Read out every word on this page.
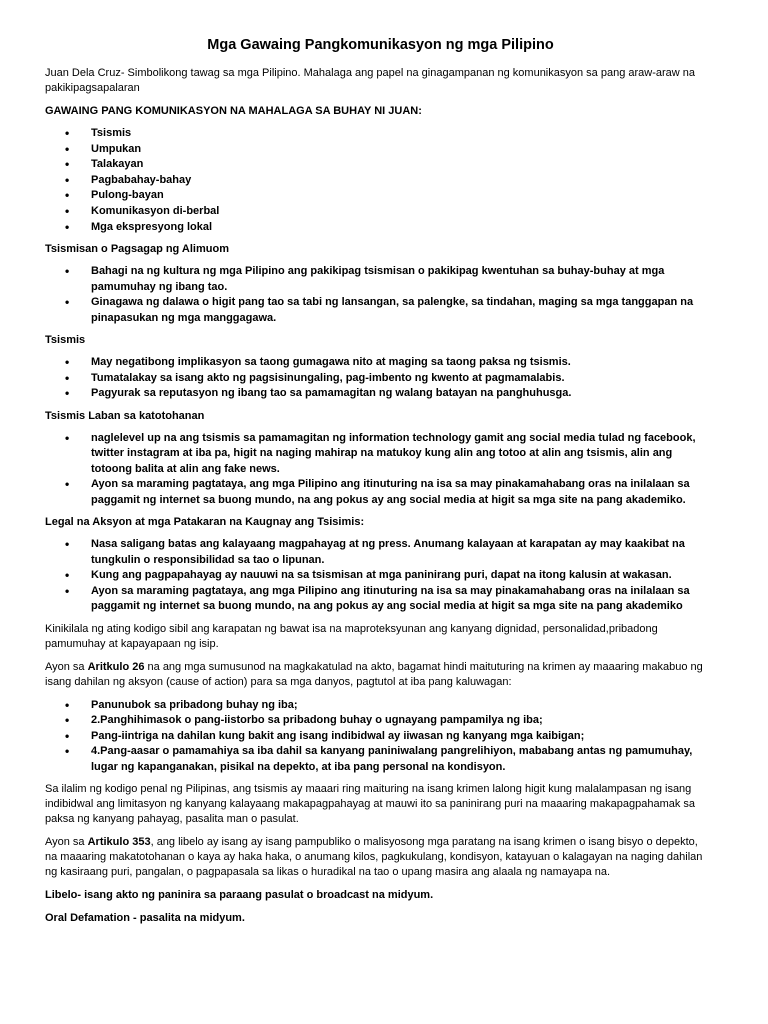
Mga Gawaing Pangkomunikasyon ng mga Pilipino

Juan Dela Cruz- Simbolikong tawag sa mga Pilipino. Mahalaga ang papel na ginagampanan ng komunikasyon sa pang araw-araw na pakikipagsapalaran

GAWAING PANG KOMUNIKASYON NA MAHALAGA SA BUHAY NI JUAN:

• Tsismis
• Umpukan
• Talakayan
• Pagbabahay-bahay
• Pulong-bayan
• Komunikasyon di-berbal
• Mga ekspresyong lokal

Tsismisan o Pagsagap ng Alimuom

• Bahagi na ng kultura ng mga Pilipino ang pakikipag tsismisan o pakikipag kwentuhan sa buhay-buhay at mga pamumuhay ng ibang tao.
• Ginagawa ng dalawa o higit pang tao sa tabi ng lansangan, sa palengke, sa tindahan, maging sa mga tanggapan na pinapasukan ng mga manggagawa.

Tsismis

• May negatibong implikasyon sa taong gumagawa nito at maging sa taong paksa ng tsismis.
• Tumatalakay sa isang akto ng pagsisinungaling, pag-imbento ng kwento at pagmamalabis.
• Pagyurak sa reputasyon ng ibang tao sa pamamagitan ng walang batayan na panghuhusga.

Tsismis Laban sa katotohanan

• naglelevel up na ang tsismis sa pamamagitan ng information technology gamit ang social media tulad ng facebook, twitter instagram at iba pa, higit na naging mahirap na matukoy kung alin ang totoo at alin ang tsismis, alin ang totoong balita at alin ang fake news.
• Ayon sa maraming pagtataya, ang mga Pilipino ang itinuturing na isa sa may pinakamahabang oras na inilalaan sa paggamit ng internet sa buong mundo, na ang pokus ay ang social media at higit sa mga site na pang akademiko.

Legal na Aksyon at mga Patakaran na Kaugnay ang Tsisimis:

• Nasa saligang batas ang kalayaang magpahayag at ng press. Anumang kalayaan at karapatan ay may kaakibat na tungkulin o responsibilidad sa tao o lipunan.
• Kung ang pagpapahayag ay nauuwi na sa tsismisan at mga paninirang puri, dapat na itong kalusin at wakasan.
• Ayon sa maraming pagtataya, ang mga Pilipino ang itinuturing na isa sa may pinakamahabang oras na inilalaan sa paggamit ng internet sa buong mundo, na ang pokus ay ang social media at higit sa mga site na pang akademiko

Kinikilala ng ating kodigo sibil ang karapatan ng bawat isa na maproteksyunan ang kanyang dignidad, personalidad,pribadong pamumuhay at kapayapaan ng isip.

Ayon sa Aritkulo 26 na ang mga sumusunod na magkakatulad na akto, bagamat hindi maituturing na krimen ay maaaring makabuo ng isang dahilan ng aksyon (cause of action) para sa mga danyos, pagtutol at iba pang kaluwagan:

• Panunubok sa pribadong buhay ng iba;
• 2.Panghihimasok o pang-iistorbo sa pribadong buhay o ugnayang pampamilya ng iba;
• Pang-iintriga na dahilan kung bakit ang isang indibidwal ay iiwasan ng kanyang mga kaibigan;
• 4.Pang-aasar o pamamahiya sa iba dahil sa kanyang paniniwalang pangrelihiyon, mababang antas ng pamumuhay, lugar ng kapanganakan, pisikal na depekto, at iba pang personal na kondisyon.

Sa ilalim ng kodigo penal ng Pilipinas, ang tsismis ay maaari ring maituring na isang krimen lalong higit kung malalampasan ng isang indibidwal ang limitasyon ng kanyang kalayaang makapagpahayag at mauwi ito sa paninirang puri na maaaring makapagpahamak sa paksa ng kanyang pahayag, pasalita man o pasulat.

Ayon sa Artikulo 353, ang libelo ay isang ay isang pampubliko o malisyosong mga paratang na isang krimen o isang bisyo o depekto, na maaaring makatotohanan o kaya ay haka haka, o anumang kilos, pagkukulang, kondisyon, katayuan o kalagayan na naging dahilan ng kasiraang puri, pangalan, o pagpapasala sa likas o huradikal na tao o upang masira ang alaala ng namayapa na.

Libelo- isang akto ng paninira sa paraang pasulat o broadcast na midyum.

Oral Defamation - pasalita na midyum.
